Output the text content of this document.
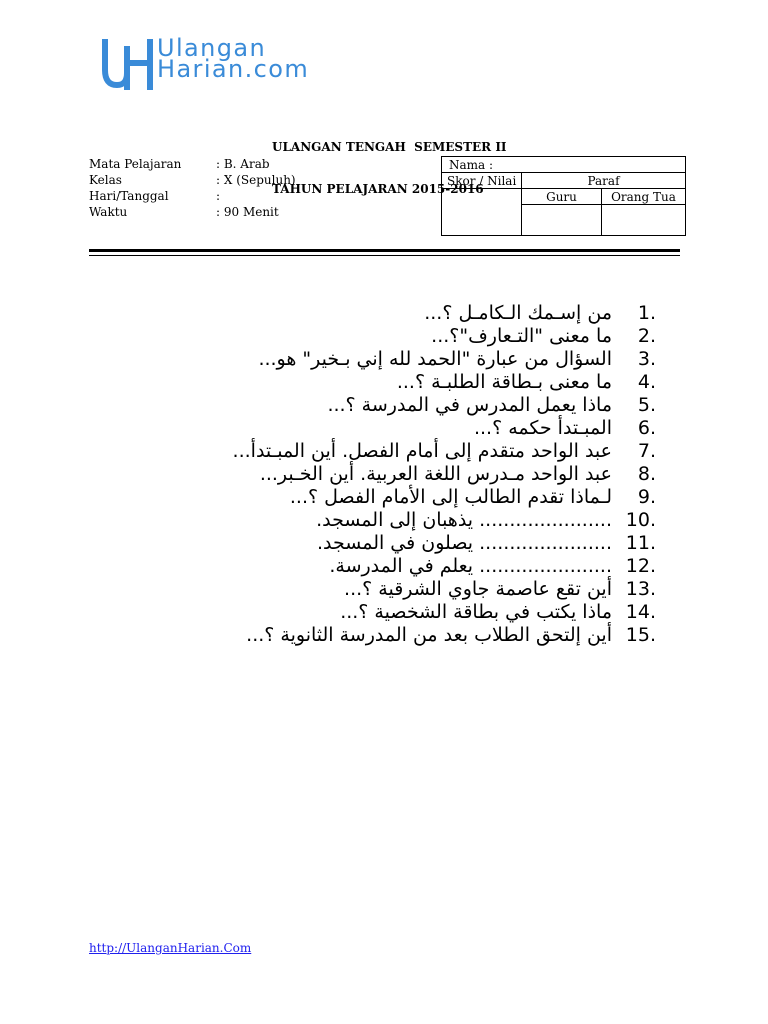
Ulangan
Harian.com

ULANGAN TENGAH  SEMESTER II

TAHUN PELAJARAN 2015-2016

Mata Pelajaran	: B. Arab
Kelas	: X (Sepuluh)
Hari/Tanggal	:
Waktu	: 90 Menit
Nama :		
Skor / Nilai	Paraf	
	Guru	Orang Tua

1.
من إسـمك الـكامـل ؟...
2.
ما معنى "التـعارف"؟...
3.
السؤال من عبارة "الحمد لله إني بـخير" هو...
4.
ما معنى بـطاقة الطلبـة ؟...
5.
ماذا يعمل المدرس في المدرسة ؟...
6.
المبـتدأ حكمه ؟...
7.
عبد الواحد متقدم إلى أمام الفصل. أين المبـتدأ...
8.
عبد الواحد مـدرس اللغة العربية. أين الخـبر...
9.
لـماذا تقدم الطالب إلى الأمام الفصل ؟...
10.
...................... يذهبان إلى المسجد.
11.
...................... يصلون في المسجد.
12.
...................... يعلم في المدرسة.
13.
أين تقع عاصمة جاوي الشرقية ؟...
14.
ماذا يكتب في بطاقة الشخصية ؟...
15.
أين إلتحق الطلاب بعد من المدرسة الثانوية ؟...
http://UlanganHarian.Com
